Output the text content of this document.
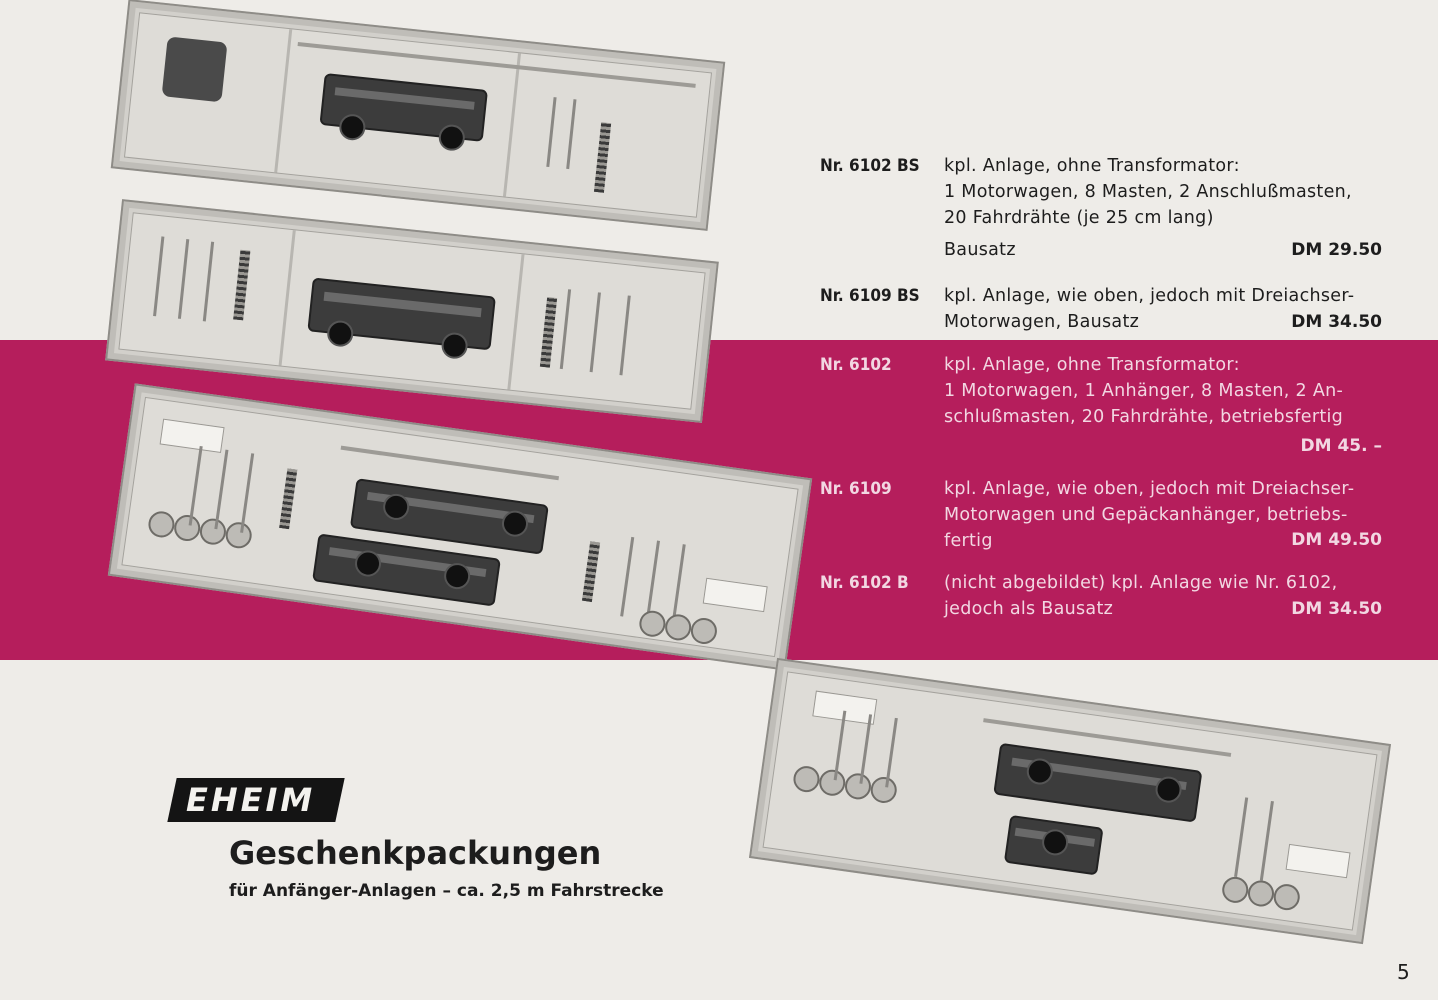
Nr. 6102 BS kpl. Anlage, ohne Transformator:
1 Motorwagen, 8 Masten, 2 Anschlußmasten,
20 Fahrdrähte (je 25 cm lang)
Bausatz	DM 29.50
Nr. 6109 BS kpl. Anlage, wie oben, jedoch mit Dreiachser-
Motorwagen, Bausatz	DM 34.50
Nr. 6102	kpl. Anlage, ohne Transformator:
1 Motorwagen, 1 Anhänger, 8 Masten, 2 An-
schlußmasten, 20 Fahrdrähte, betriebsfertig
DM 45. –
Nr. 6109	kpl. Anlage, wie oben, jedoch mit Dreiachser-
Motorwagen und Gepäckanhänger, betriebs-
fertig	DM 49.50
Nr. 6102 B (nicht abgebildet) kpl. Anlage wie Nr. 6102,
jedoch als Bausatz	DM 34.50
EHEIM
Geschenkpackungen
für Anfänger-Anlagen – ca. 2,5 m Fahrstrecke
5
